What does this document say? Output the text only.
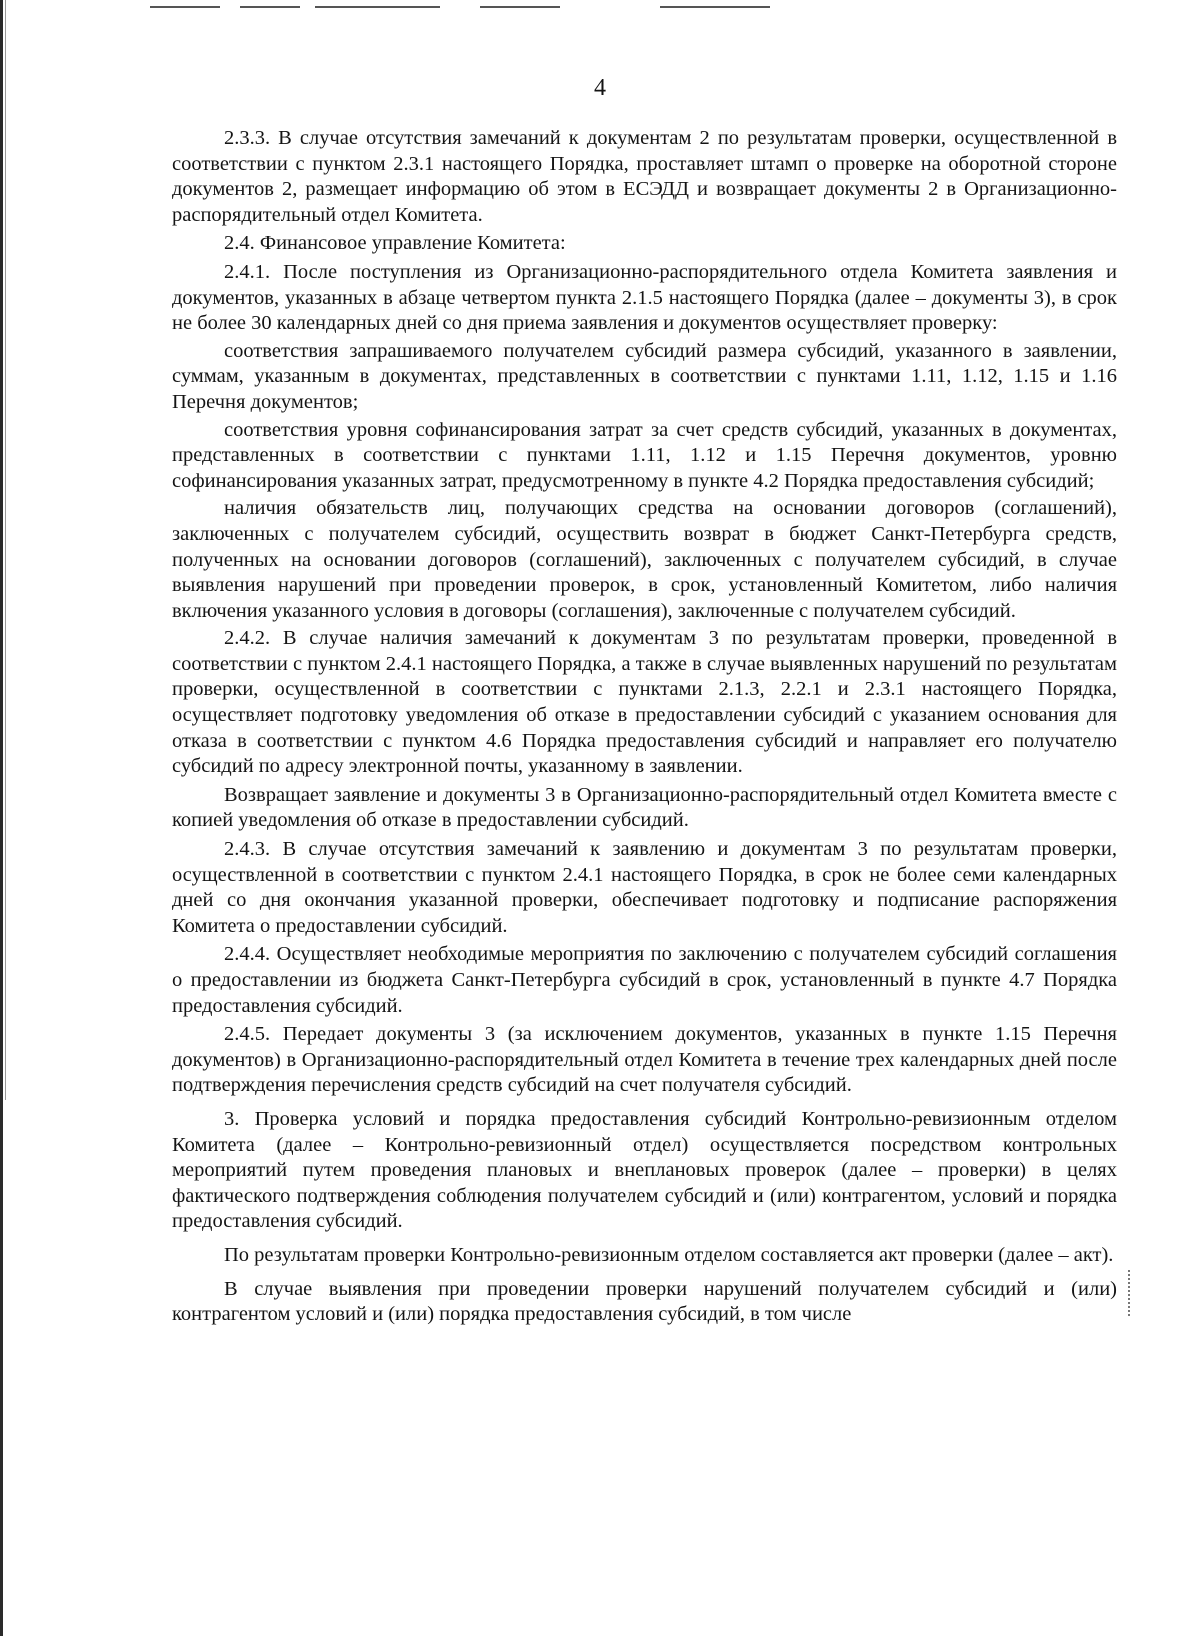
4

2.3.3. В случае отсутствия замечаний к документам 2 по результатам проверки, осуществленной в соответствии с пунктом 2.3.1 настоящего Порядка, проставляет штамп о проверке на оборотной стороне документов 2, размещает информацию об этом в ЕСЭДД и возвращает документы 2 в Организационно-распорядительный отдел Комитета.

2.4. Финансовое управление Комитета:

2.4.1. После поступления из Организационно-распорядительного отдела Комитета заявления и документов, указанных в абзаце четвертом пункта 2.1.5 настоящего Порядка (далее – документы 3), в срок не более 30 календарных дней со дня приема заявления и документов осуществляет проверку:

соответствия запрашиваемого получателем субсидий размера субсидий, указанного в заявлении, суммам, указанным в документах, представленных в соответствии с пунктами 1.11, 1.12, 1.15 и 1.16 Перечня документов;

соответствия уровня софинансирования затрат за счет средств субсидий, указанных в документах, представленных в соответствии с пунктами 1.11, 1.12 и 1.15 Перечня документов, уровню софинансирования указанных затрат, предусмотренному в пункте 4.2 Порядка предоставления субсидий;

наличия обязательств лиц, получающих средства на основании договоров (соглашений), заключенных с получателем субсидий, осуществить возврат в бюджет Санкт-Петербурга средств, полученных на основании договоров (соглашений), заключенных с получателем субсидий, в случае выявления нарушений при проведении проверок, в срок, установленный Комитетом, либо наличия включения указанного условия в договоры (соглашения), заключенные с получателем субсидий.

2.4.2. В случае наличия замечаний к документам 3 по результатам проверки, проведенной в соответствии с пунктом 2.4.1 настоящего Порядка, а также в случае выявленных нарушений по результатам проверки, осуществленной в соответствии с пунктами 2.1.3, 2.2.1 и 2.3.1 настоящего Порядка, осуществляет подготовку уведомления об отказе в предоставлении субсидий с указанием основания для отказа в соответствии с пунктом 4.6 Порядка предоставления субсидий и направляет его получателю субсидий по адресу электронной почты, указанному в заявлении.

Возвращает заявление и документы 3 в Организационно-распорядительный отдел Комитета вместе с копией уведомления об отказе в предоставлении субсидий.

2.4.3. В случае отсутствия замечаний к заявлению и документам 3 по результатам проверки, осуществленной в соответствии с пунктом 2.4.1 настоящего Порядка, в срок не более семи календарных дней со дня окончания указанной проверки, обеспечивает подготовку и подписание распоряжения Комитета о предоставлении субсидий.

2.4.4. Осуществляет необходимые мероприятия по заключению с получателем субсидий соглашения о предоставлении из бюджета Санкт-Петербурга субсидий в срок, установленный в пункте 4.7 Порядка предоставления субсидий.

2.4.5. Передает документы 3 (за исключением документов, указанных в пункте 1.15 Перечня документов) в Организационно-распорядительный отдел Комитета в течение трех календарных дней после подтверждения перечисления средств субсидий на счет получателя субсидий.

3. Проверка условий и порядка предоставления субсидий Контрольно-ревизионным отделом Комитета (далее – Контрольно-ревизионный отдел) осуществляется посредством контрольных мероприятий путем проведения плановых и внеплановых проверок (далее – проверки) в целях фактического подтверждения соблюдения получателем субсидий и (или) контрагентом, условий и порядка предоставления субсидий.

По результатам проверки Контрольно-ревизионным отделом составляется акт проверки (далее – акт).

В случае выявления при проведении проверки нарушений получателем субсидий и (или) контрагентом условий и (или) порядка предоставления субсидий, в том числе
